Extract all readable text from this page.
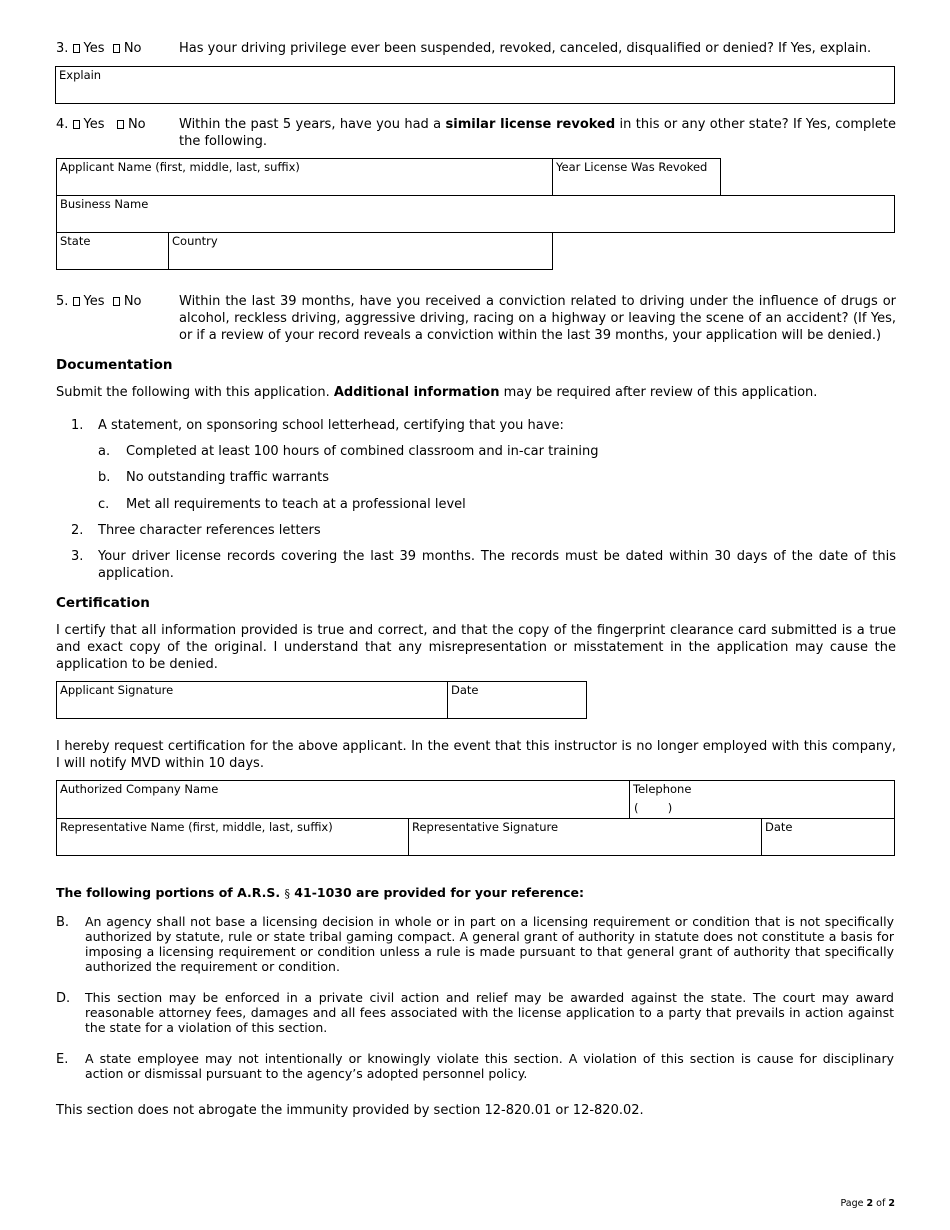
3. Yes No	Has your driving privilege ever been suspended, revoked, canceled, disqualified or denied? If Yes, explain.
Explain
4. Yes No	Within the past 5 years, have you had a similar license revoked in this or any other state? If Yes, complete the following.
Applicant Name (first, middle, last, suffix)	Year License Was Revoked
Business Name
State	Country
5. Yes No	Within the last 39 months, have you received a conviction related to driving under the influence of drugs or alcohol, reckless driving, aggressive driving, racing on a highway or leaving the scene of an accident? (If Yes, or if a review of your record reveals a conviction within the last 39 months, your application will be denied.)
Documentation
Submit the following with this application. Additional information may be required after review of this application.
1.	A statement, on sponsoring school letterhead, certifying that you have:
a.	Completed at least 100 hours of combined classroom and in-car training
b.	No outstanding traffic warrants
c.	Met all requirements to teach at a professional level
2.	Three character references letters
3.	Your driver license records covering the last 39 months. The records must be dated within 30 days of the date of this application.
Certification
I certify that all information provided is true and correct, and that the copy of the fingerprint clearance card submitted is a true and exact copy of the original. I understand that any misrepresentation or misstatement in the application may cause the application to be denied.
Applicant Signature	Date
I hereby request certification for the above applicant. In the event that this instructor is no longer employed with this company, I will notify MVD within 10 days.
Authorized Company Name	Telephone
(        )
Representative Name (first, middle, last, suffix)	Representative Signature	Date
The following portions of A.R.S. § 41-1030 are provided for your reference:
B.	An agency shall not base a licensing decision in whole or in part on a licensing requirement or condition that is not specifically authorized by statute, rule or state tribal gaming compact. A general grant of authority in statute does not constitute a basis for imposing a licensing requirement or condition unless a rule is made pursuant to that general grant of authority that specifically authorized the requirement or condition.
D.	This section may be enforced in a private civil action and relief may be awarded against the state. The court may award reasonable attorney fees, damages and all fees associated with the license application to a party that prevails in action against the state for a violation of this section.
E.	A state employee may not intentionally or knowingly violate this section. A violation of this section is cause for disciplinary action or dismissal pursuant to the agency’s adopted personnel policy.
This section does not abrogate the immunity provided by section 12-820.01 or 12-820.02.
Page 2 of 2
